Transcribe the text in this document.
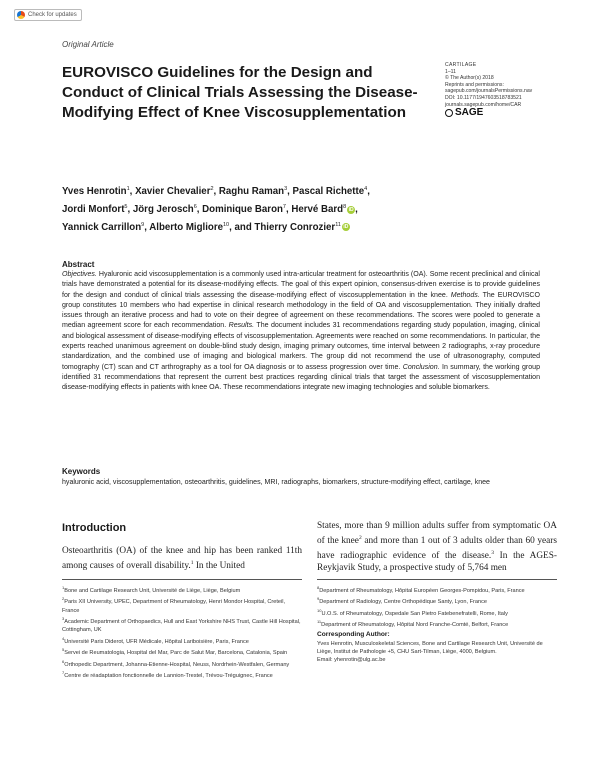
Check for updates
Original Article
EUROVISCO Guidelines for the Design and Conduct of Clinical Trials Assessing the Disease-Modifying Effect of Knee Viscosupplementation
CARTILAGE
1–11
© The Author(s) 2018
Reprints and permissions:
sagepub.com/journalsPermissions.nav
DOI: 10.1177/1947603518783521
journals.sagepub.com/home/CAR
SAGE
Yves Henrotin$^1$, Xavier Chevalier$^2$, Raghu Raman$^3$, Pascal Richette$^4$,
Jordi Monfort$^5$, Jörg Jerosch$^6$, Dominique Baron$^7$, Hervé Bard$^8$ iD ,
Yannick Carrillon$^9$, Alberto Migliore$^{10}$, and Thierry Conrozier$^{11}$ iD
Abstract

Objectives. Hyaluronic acid viscosupplementation is a commonly used intra-articular treatment for osteoarthritis (OA). Some recent preclinical and clinical trials have demonstrated a potential for its disease-modifying effects. The goal of this expert opinion, consensus-driven exercise is to provide guidelines for the design and conduct of clinical trials assessing the disease-modifying effect of viscosupplementation in the knee. Methods. The EUROVISCO group constitutes 10 members who had expertise in clinical research methodology in the field of OA and viscosupplementation. They initially drafted issues through an iterative process and had to vote on their degree of agreement on these recommendations. The scores were pooled to generate a median agreement score for each recommendation. Results. The document includes 31 recommendations regarding study population, imaging, clinical and biological assessment of disease-modifying effects of viscosupplementation. Agreements were reached on some recommendations. In particular, the experts reached unanimous agreement on double-blind study design, imaging primary outcomes, time interval between 2 radiographs, x-ray procedure standardization, and the combined use of imaging and biological markers. The group did not recommend the use of ultrasonography, computed tomography (CT) scan and CT arthrography as a tool for OA diagnosis or to assess progression over time. Conclusion. In summary, the working group identified 31 recommendations that represent the current best practices regarding clinical trials that target the assessment of viscosupplementation disease-modifying effects in patients with knee OA. These recommendations integrate new imaging technologies and soluble biomarkers.

Keywords

hyaluronic acid, viscosupplementation, osteoarthritis, guidelines, MRI, radiographs, biomarkers, structure-modifying effect, cartilage, knee

Introduction

Osteoarthritis (OA) of the knee and hip has been ranked 11th among causes of overall disability.$^1$ In the United

States, more than 9 million adults suffer from symptomatic OA of the knee$^2$ and more than 1 out of 3 adults older than 60 years have radiographic evidence of the disease.$^3$ In the AGES-Reykjavik Study, a prospective study of 5,764 men

$^1$Bone and Cartilage Research Unit, Université de Liège, Liège, Belgium

$^2$Paris XII University, UPEC, Department of Rheumatology, Henri Mondor Hospital, Creteil, France

$^3$Academic Department of Orthopaedics, Hull and East Yorkshire NHS Trust, Castle Hill Hospital, Cottingham, UK

$^4$Université Paris Diderot, UFR Médicale, Hôpital Lariboisière, Paris, France

$^5$Servei de Reumatologia, Hospital del Mar, Parc de Salut Mar, Barcelona, Catalonia, Spain

$^6$Orthopedic Department, Johanna-Etienne-Hospital, Neuss, Nordrhein-Westfalen, Germany

$^7$Centre de réadaptation fonctionnelle de Lannion-Trestel, Trévou-Tréguignec, France

$^8$Department of Rheumatology, Hôpital Européen Georges-Pompidou, Paris, France

$^9$Department of Radiology, Centre Orthopédique Santy, Lyon, France

$^{10}$U.O.S. of Rheumatology, Ospedale San Pietro Fatebenefratelli, Rome, Italy

$^{11}$Department of Rheumatology, Hôpital Nord Franche-Comté, Belfort, France

Corresponding Author:

Yves Henrotin, Musculoskeletal Sciences, Bone and Cartilage Research Unit, Université de Liège, Institut de Pathologie +5, CHU Sart-Tilman, Liège, 4000, Belgium.

Email: yhenrotin@ulg.ac.be
